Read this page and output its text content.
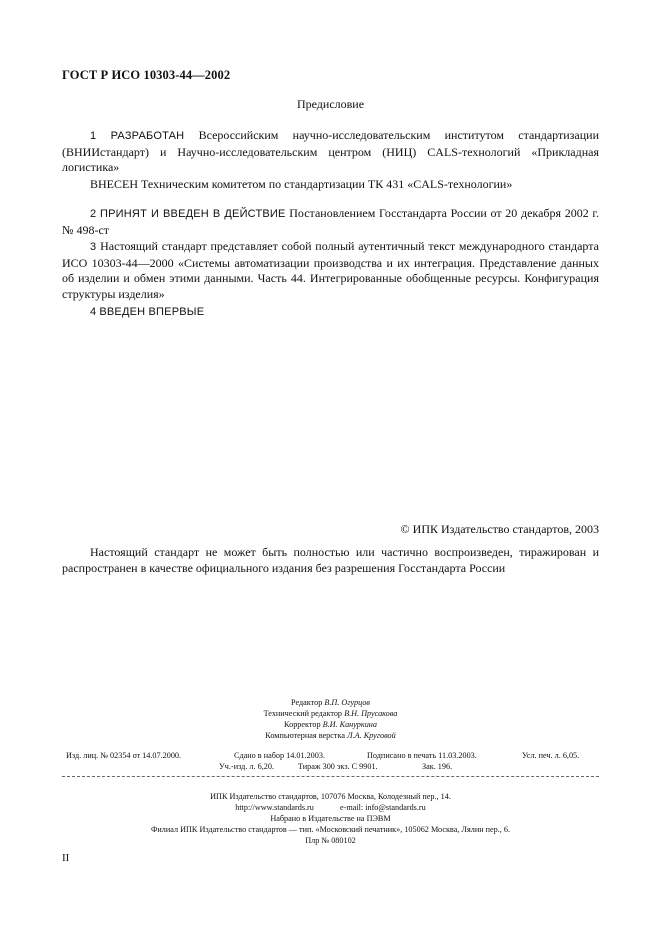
ГОСТ Р ИСО 10303-44—2002
Предисловие
1 РАЗРАБОТАН Всероссийским научно-исследовательским институтом стандартизации (ВНИИстандарт) и Научно-исследовательским центром (НИЦ) CALS-технологий «Прикладная логистика»
ВНЕСЕН Техническим комитетом по стандартизации ТК 431 «CALS-технологии»
2 ПРИНЯТ И ВВЕДЕН В ДЕЙСТВИЕ Постановлением Госстандарта России от 20 декабря 2002 г. № 498-ст
3 Настоящий стандарт представляет собой полный аутентичный текст международного стандарта ИСО 10303-44—2000 «Системы автоматизации производства и их интеграция. Представление данных об изделии и обмен этими данными. Часть 44. Интегрированные обобщенные ресурсы. Конфигурация структуры изделия»
4 ВВЕДЕН ВПЕРВЫЕ
© ИПК Издательство стандартов, 2003
Настоящий стандарт не может быть полностью или частично воспроизведен, тиражирован и распространен в качестве официального издания без разрешения Госстандарта России
Редактор В.П. Огурцов
Технический редактор В.Н. Прусакова
Корректор В.И. Кануркина
Компьютерная верстка Л.А. Круговой
Изд. лиц. № 02354 от 14.07.2000.	Сдано в набор 14.01.2003.	Подписано в печать 11.03.2003.	Усл. печ. л. 6,05.
Уч.-изд. л. 6,20.	Тираж 300 экз. С 9901.	Зак. 196.
ИПК Издательство стандартов, 107076 Москва, Колодезный пер., 14.
http://www.standards.ru	e-mail: info@standards.ru
Набрано в Издательстве на ПЭВМ
Филиал ИПК Издательство стандартов — тип. «Московский печатник», 105062 Москва, Лялин пер., 6.
Плр № 080102
II
